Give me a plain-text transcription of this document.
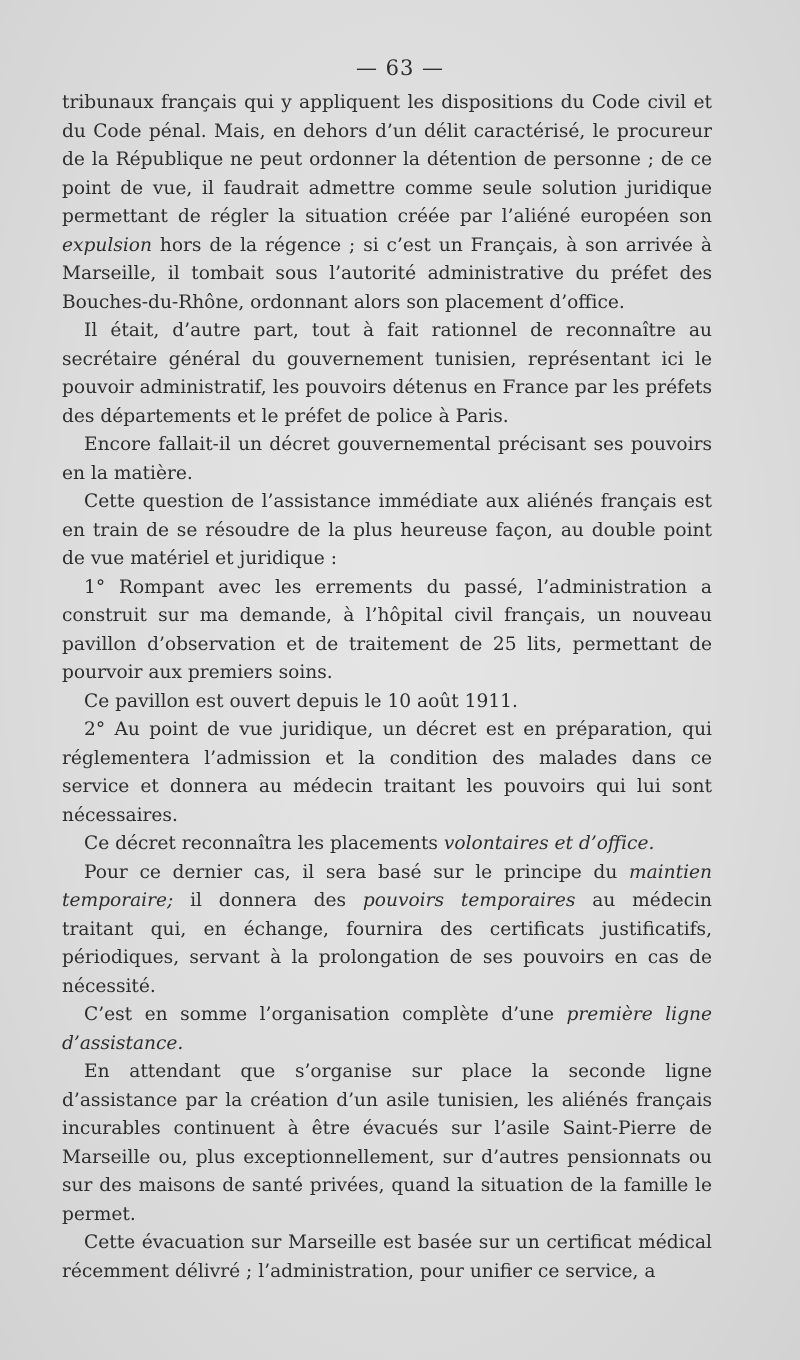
— 63 —

tribunaux français qui y appliquent les dispositions du Code civil et du Code pénal. Mais, en dehors d’un délit caractérisé, le procureur de la République ne peut ordonner la détention de personne ; de ce point de vue, il faudrait admettre comme seule solution juridique permettant de régler la situation créée par l’aliéné européen son expulsion hors de la régence ; si c’est un Français, à son arrivée à Marseille, il tombait sous l’autorité administrative du préfet des Bouches-du-Rhône, ordonnant alors son placement d’office.

Il était, d’autre part, tout à fait rationnel de reconnaître au secrétaire général du gouvernement tunisien, représentant ici le pouvoir administratif, les pouvoirs détenus en France par les préfets des départements et le préfet de police à Paris.

Encore fallait-il un décret gouvernemental précisant ses pouvoirs en la matière.

Cette question de l’assistance immédiate aux aliénés français est en train de se résoudre de la plus heureuse façon, au double point de vue matériel et juridique :

1° Rompant avec les errements du passé, l’administration a construit sur ma demande, à l’hôpital civil français, un nouveau pavillon d’observation et de traitement de 25 lits, permettant de pourvoir aux premiers soins.

Ce pavillon est ouvert depuis le 10 août 1911.

2° Au point de vue juridique, un décret est en préparation, qui réglementera l’admission et la condition des malades dans ce service et donnera au médecin traitant les pouvoirs qui lui sont nécessaires.

Ce décret reconnaîtra les placements volontaires et d’office.

Pour ce dernier cas, il sera basé sur le principe du maintien temporaire; il donnera des pouvoirs temporaires au médecin traitant qui, en échange, fournira des certificats justificatifs, périodiques, servant à la prolongation de ses pouvoirs en cas de nécessité.

C’est en somme l’organisation complète d’une première ligne d’assistance.

En attendant que s’organise sur place la seconde ligne d’assistance par la création d’un asile tunisien, les aliénés français incurables continuent à être évacués sur l’asile Saint-Pierre de Marseille ou, plus exceptionnellement, sur d’autres pensionnats ou sur des maisons de santé privées, quand la situation de la famille le permet.

Cette évacuation sur Marseille est basée sur un certificat médical récemment délivré ; l’administration, pour unifier ce service, a
